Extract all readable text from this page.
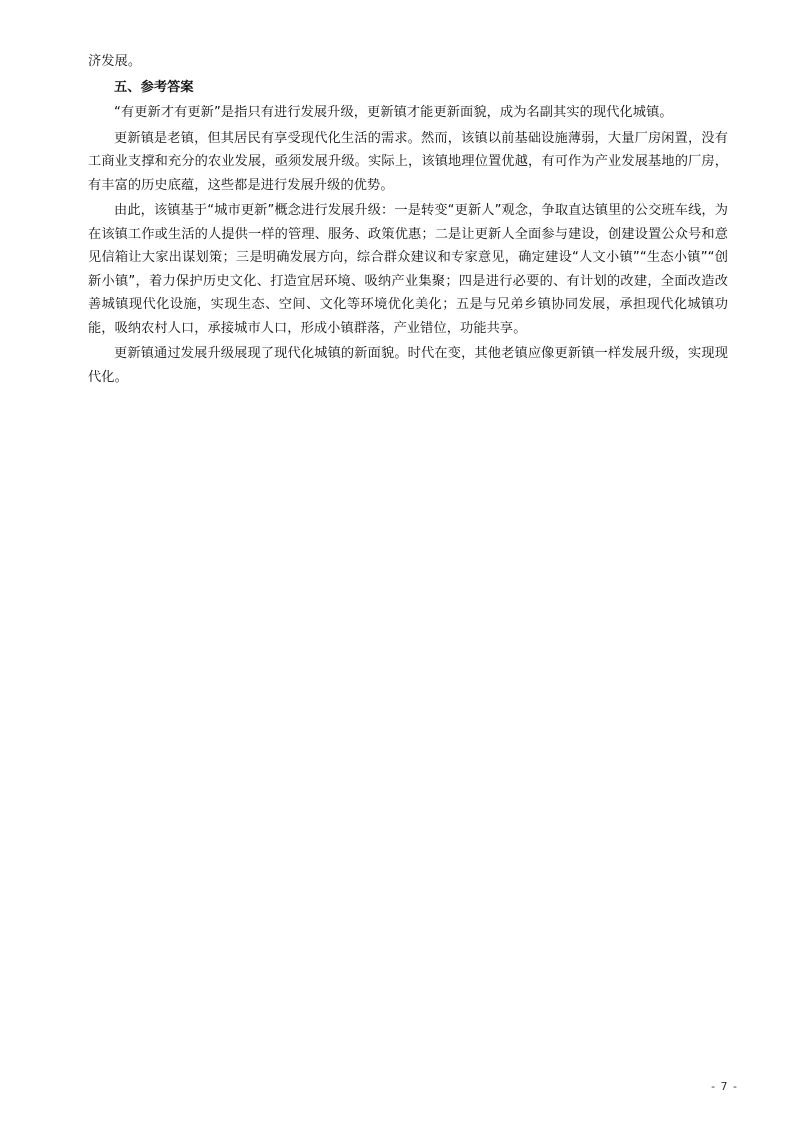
济发展。

五、参考答案

“有更新才有更新”是指只有进行发展升级，更新镇才能更新面貌，成为名副其实的现代化城镇。

更新镇是老镇，但其居民有享受现代化生活的需求。然而，该镇以前基础设施薄弱，大量厂房闲置，没有工商业支撑和充分的农业发展，亟须发展升级。实际上，该镇地理位置优越，有可作为产业发展基地的厂房，有丰富的历史底蕴，这些都是进行发展升级的优势。

由此，该镇基于“城市更新”概念进行发展升级：一是转变“更新人”观念，争取直达镇里的公交班车线，为在该镇工作或生活的人提供一样的管理、服务、政策优惠；二是让更新人全面参与建设，创建设置公众号和意见信箱让大家出谋划策；三是明确发展方向，综合群众建议和专家意见，确定建设“人文小镇”“生态小镇”“创新小镇”，着力保护历史文化、打造宜居环境、吸纳产业集聚；四是进行必要的、有计划的改建，全面改造改善城镇现代化设施，实现生态、空间、文化等环境优化美化；五是与兄弟乡镇协同发展，承担现代化城镇功能，吸纳农村人口，承接城市人口，形成小镇群落，产业错位，功能共享。

更新镇通过发展升级展现了现代化城镇的新面貌。时代在变，其他老镇应像更新镇一样发展升级，实现现代化。

- 7 -
